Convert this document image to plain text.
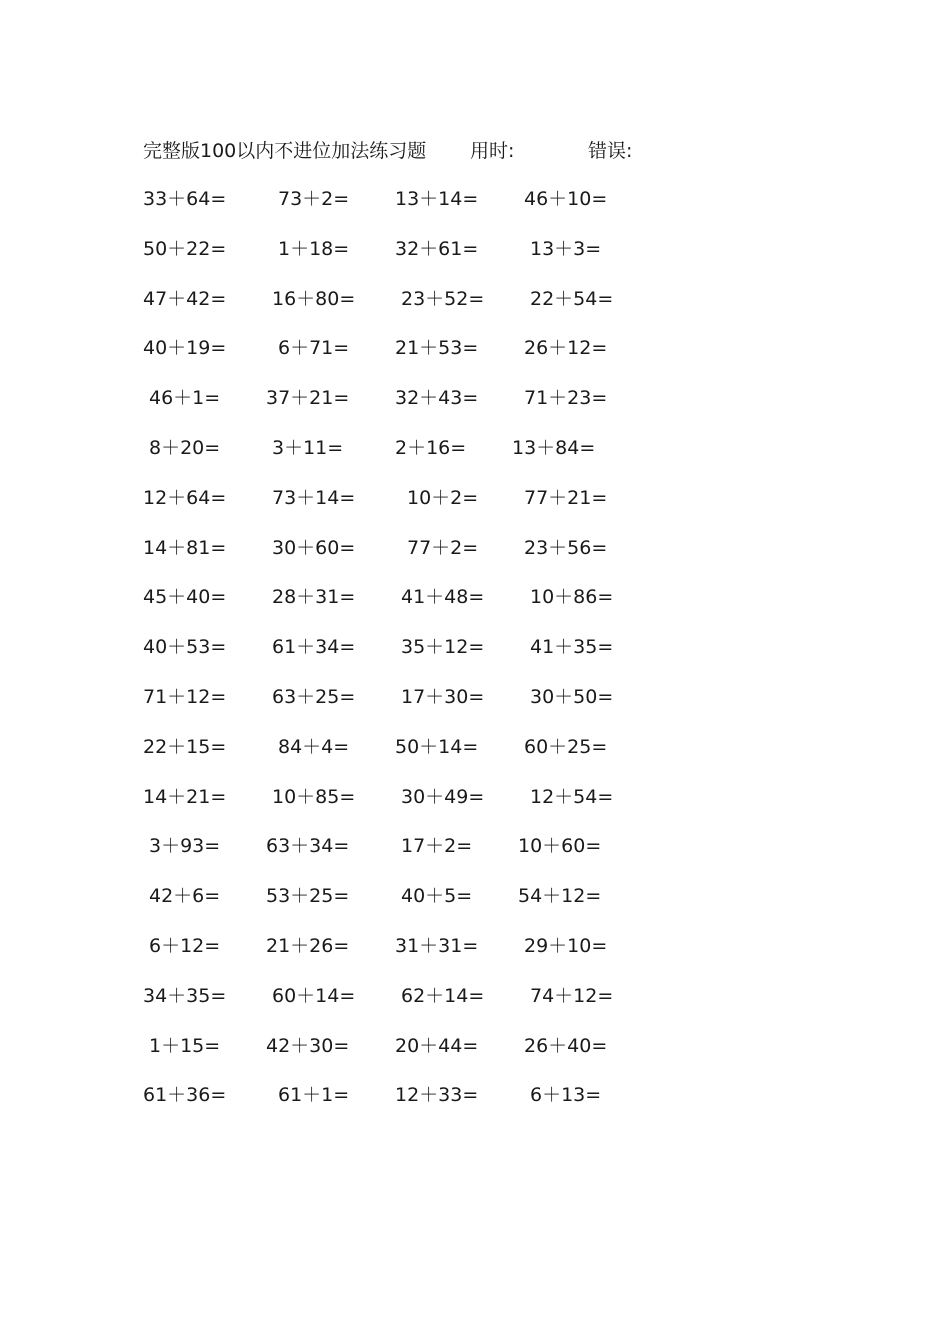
完整版100以内不进位加法练习题 用时:	错误:
33＋64=	73＋2= 13＋14= 46＋10=
50＋22=	1＋18= 32＋61=	13＋3=
47＋42= 16＋80= 23＋52= 22＋54=
40＋19=	6＋71= 21＋53= 26＋12=
46＋1= 37＋21= 32＋43= 71＋23=
8＋20=	3＋11=	2＋16= 13＋84=
12＋64= 73＋14=	10＋2= 77＋21=
14＋81= 30＋60=	77＋2= 23＋56=
45＋40= 28＋31= 41＋48= 10＋86=
40＋53= 61＋34= 35＋12= 41＋35=
71＋12= 63＋25= 17＋30= 30＋50=
22＋15=	84＋4= 50＋14= 60＋25=
14＋21= 10＋85= 30＋49= 12＋54=
3＋93= 63＋34=	17＋2= 10＋60=
42＋6= 53＋25=	40＋5= 54＋12=
6＋12= 21＋26= 31＋31= 29＋10=
34＋35= 60＋14= 62＋14= 74＋12=
1＋15= 42＋30= 20＋44= 26＋40=
61＋36=	61＋1= 12＋33=	6＋13=
